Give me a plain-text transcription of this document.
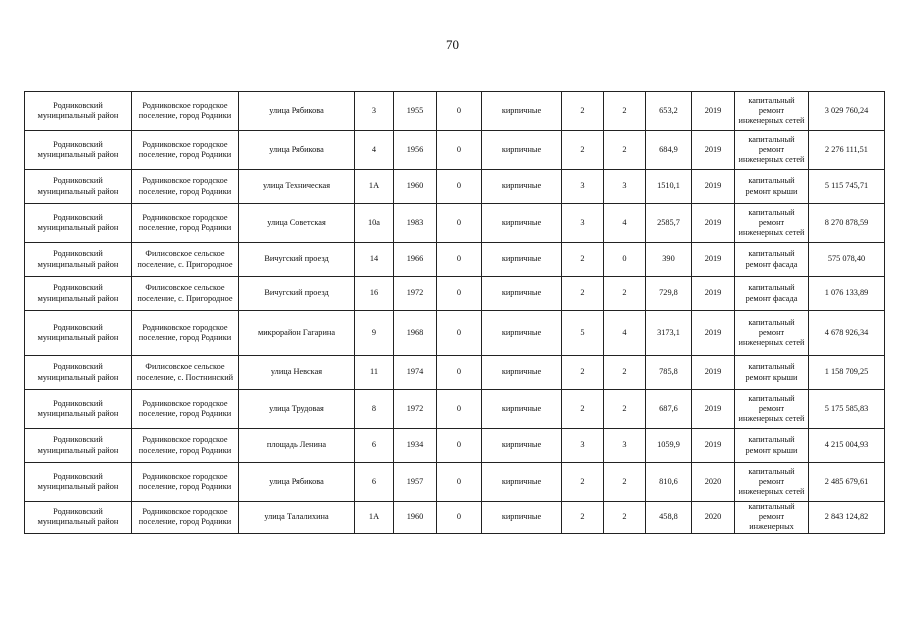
70
Родниковский муниципальный район	Родниковское городское поселение, город Родники	улица Рябикова	3	1955	0	кирпичные	2	2	653,2	2019	капитальный ремонт инженерных сетей	3 029 760,24
Родниковский муниципальный район	Родниковское городское поселение, город Родники	улица Рябикова	4	1956	0	кирпичные	2	2	684,9	2019	капитальный ремонт инженерных сетей	2 276 111,51
Родниковский муниципальный район	Родниковское городское поселение, город Родники	улица Техническая	1А	1960	0	кирпичные	3	3	1510,1	2019	капитальный ремонт крыши	5 115 745,71
Родниковский муниципальный район	Родниковское городское поселение, город Родники	улица Советская	10а	1983	0	кирпичные	3	4	2585,7	2019	капитальный ремонт инженерных сетей	8 270 878,59
Родниковский муниципальный район	Филисовское сельское поселение, с. Пригородное	Вичугский проезд	14	1966	0	кирпичные	2	0	390	2019	капитальный ремонт фасада	575 078,40
Родниковский муниципальный район	Филисовское сельское поселение, с. Пригородное	Вичугский проезд	16	1972	0	кирпичные	2	2	729,8	2019	капитальный ремонт фасада	1 076 133,89
Родниковский муниципальный район	Родниковское городское поселение, город Родники	микрорайон Гагарина	9	1968	0	кирпичные	5	4	3173,1	2019	капитальный ремонт инженерных сетей	4 678 926,34
Родниковский муниципальный район	Филисовское сельское поселение, с. Постнинский	улица Невская	11	1974	0	кирпичные	2	2	785,8	2019	капитальный ремонт крыши	1 158 709,25
Родниковский муниципальный район	Родниковское городское поселение, город Родники	улица Трудовая	8	1972	0	кирпичные	2	2	687,6	2019	капитальный ремонт инженерных сетей	5 175 585,83
Родниковский муниципальный район	Родниковское городское поселение, город Родники	площадь Ленина	6	1934	0	кирпичные	3	3	1059,9	2019	капитальный ремонт крыши	4 215 004,93
Родниковский муниципальный район	Родниковское городское поселение, город Родники	улица Рябикова	6	1957	0	кирпичные	2	2	810,6	2020	капитальный ремонт инженерных сетей	2 485 679,61
Родниковский муниципальный район	Родниковское городское поселение, город Родники	улица Талалихина	1А	1960	0	кирпичные	2	2	458,8	2020	капитальный ремонт инженерных	2 843 124,82
